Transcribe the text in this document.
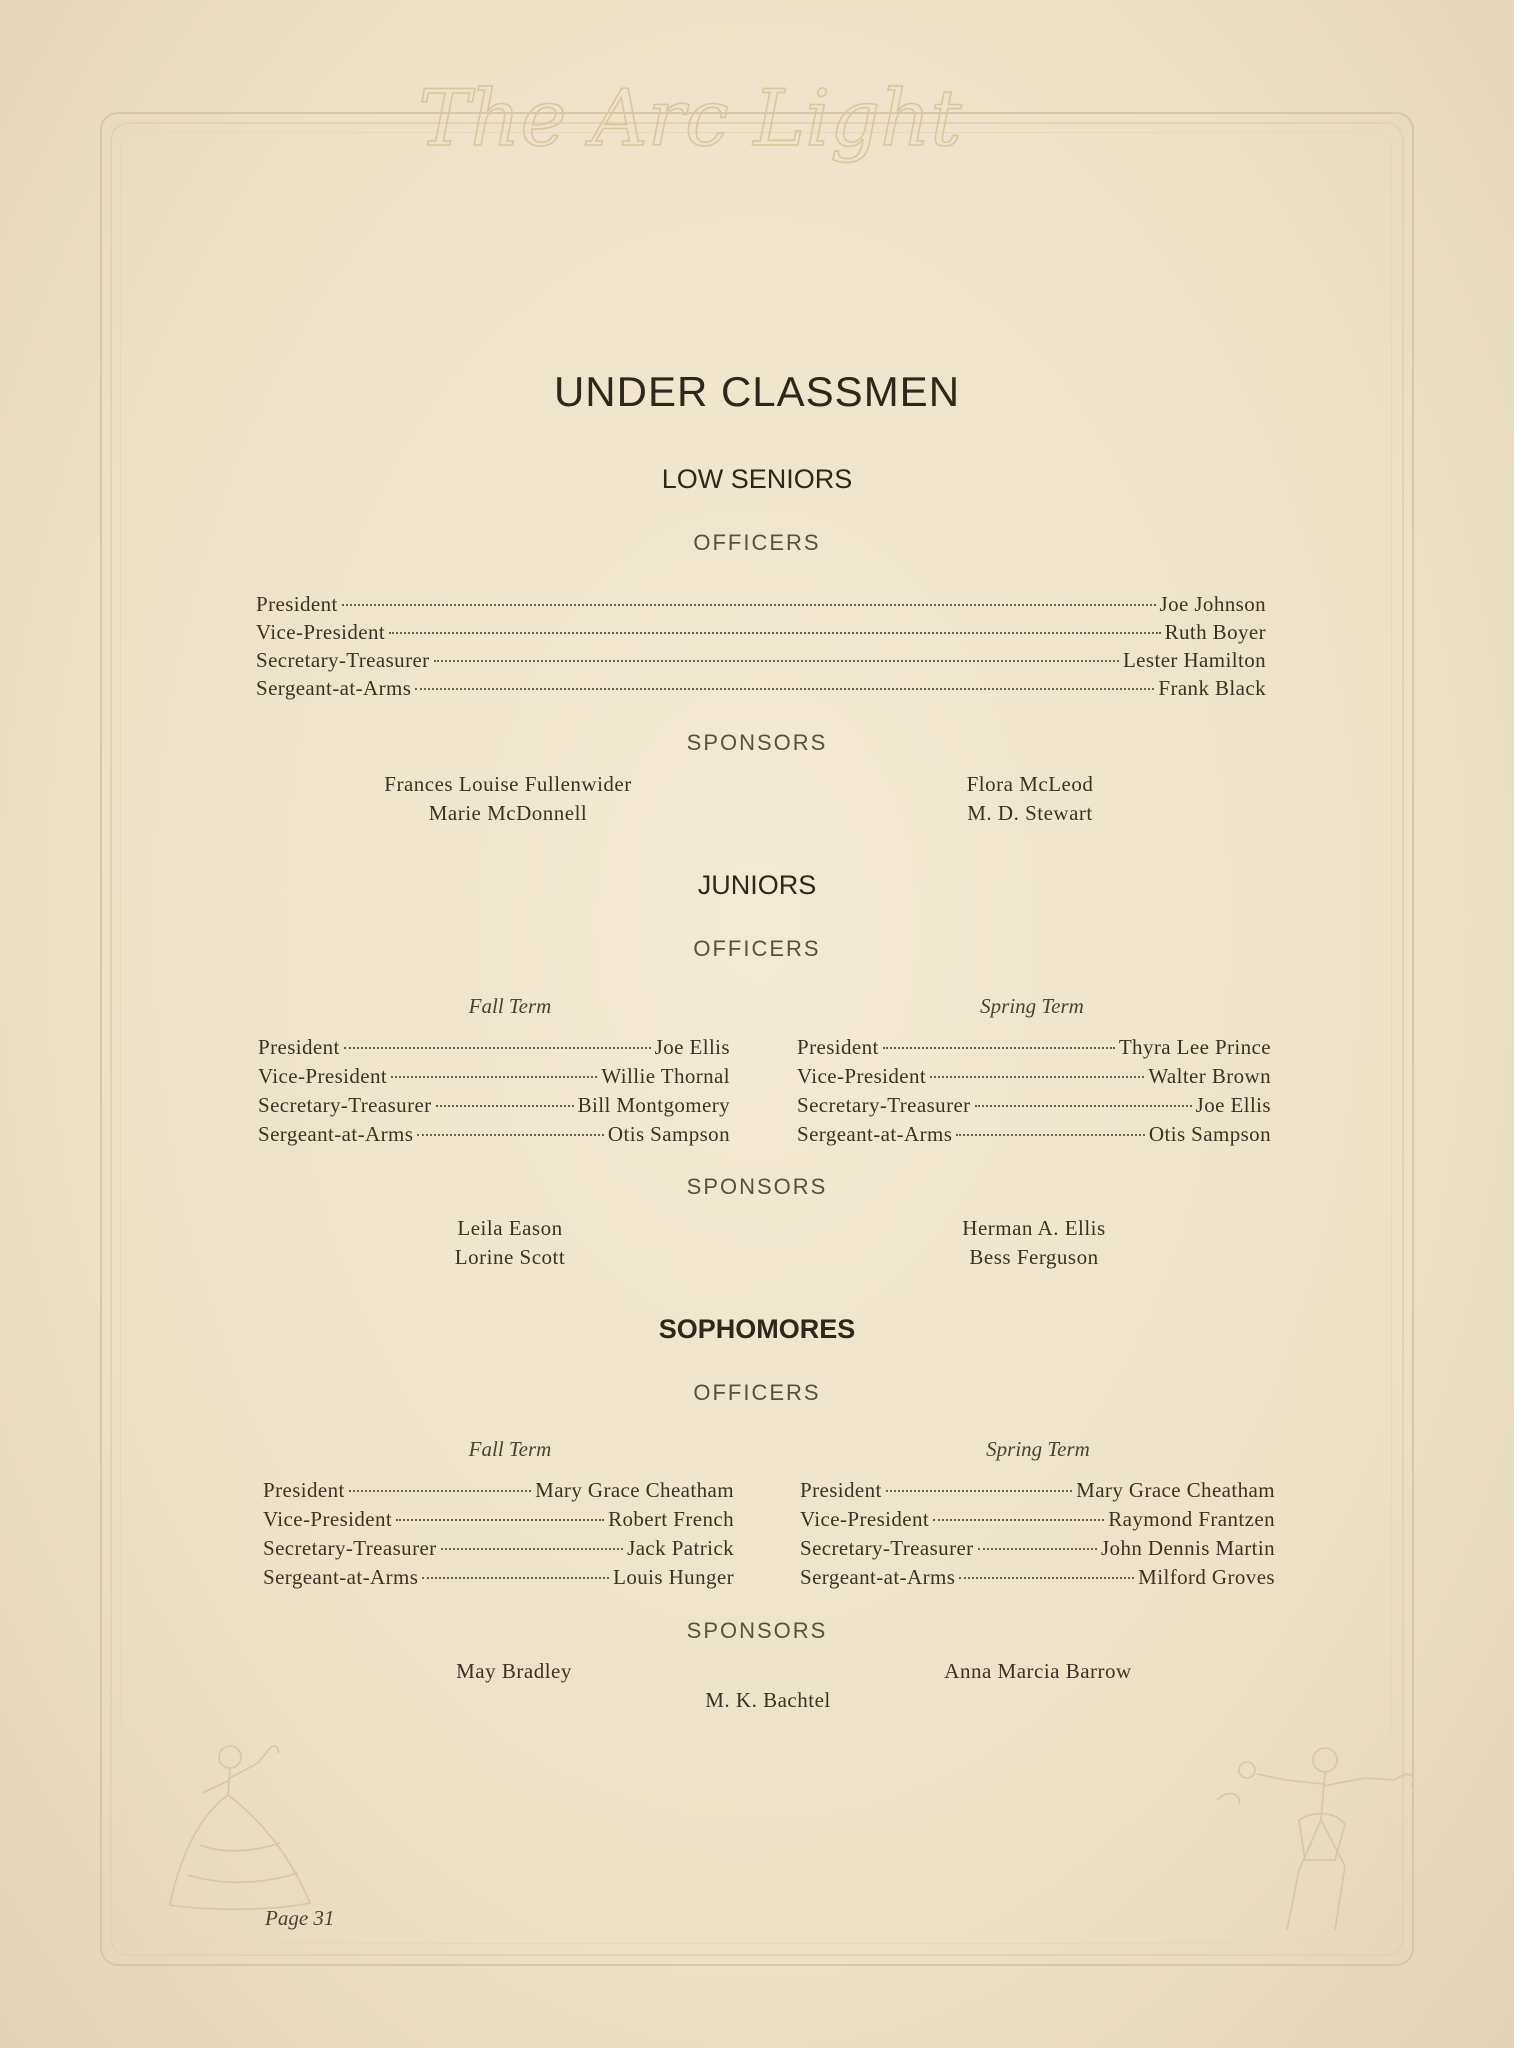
The Arc Light
UNDER CLASSMEN
LOW SENIORS
OFFICERS
President	Joe Johnson
Vice-President	Ruth Boyer
Secretary-Treasurer	Lester Hamilton
Sergeant-at-Arms	Frank Black
SPONSORS
Frances Louise Fullenwider	Flora McLeod
Marie McDonnell	M. D. Stewart
JUNIORS
OFFICERS
Fall Term	Spring Term
President	Joe Ellis
Vice-President	Willie Thornal
Secretary-Treasurer	Bill Montgomery
Sergeant-at-Arms	Otis Sampson
President	Thyra Lee Prince
Vice-President	Walter Brown
Secretary-Treasurer	Joe Ellis
Sergeant-at-Arms	Otis Sampson
SPONSORS
Leila Eason	Herman A. Ellis
Lorine Scott	Bess Ferguson
SOPHOMORES
OFFICERS
Fall Term	Spring Term
President	Mary Grace Cheatham
Vice-President	Robert French
Secretary-Treasurer	Jack Patrick
Sergeant-at-Arms	Louis Hunger
President	Mary Grace Cheatham
Vice-President	Raymond Frantzen
Secretary-Treasurer	John Dennis Martin
Sergeant-at-Arms	Milford Groves
SPONSORS
May Bradley	Anna Marcia Barrow
M. K. Bachtel
Page 31
